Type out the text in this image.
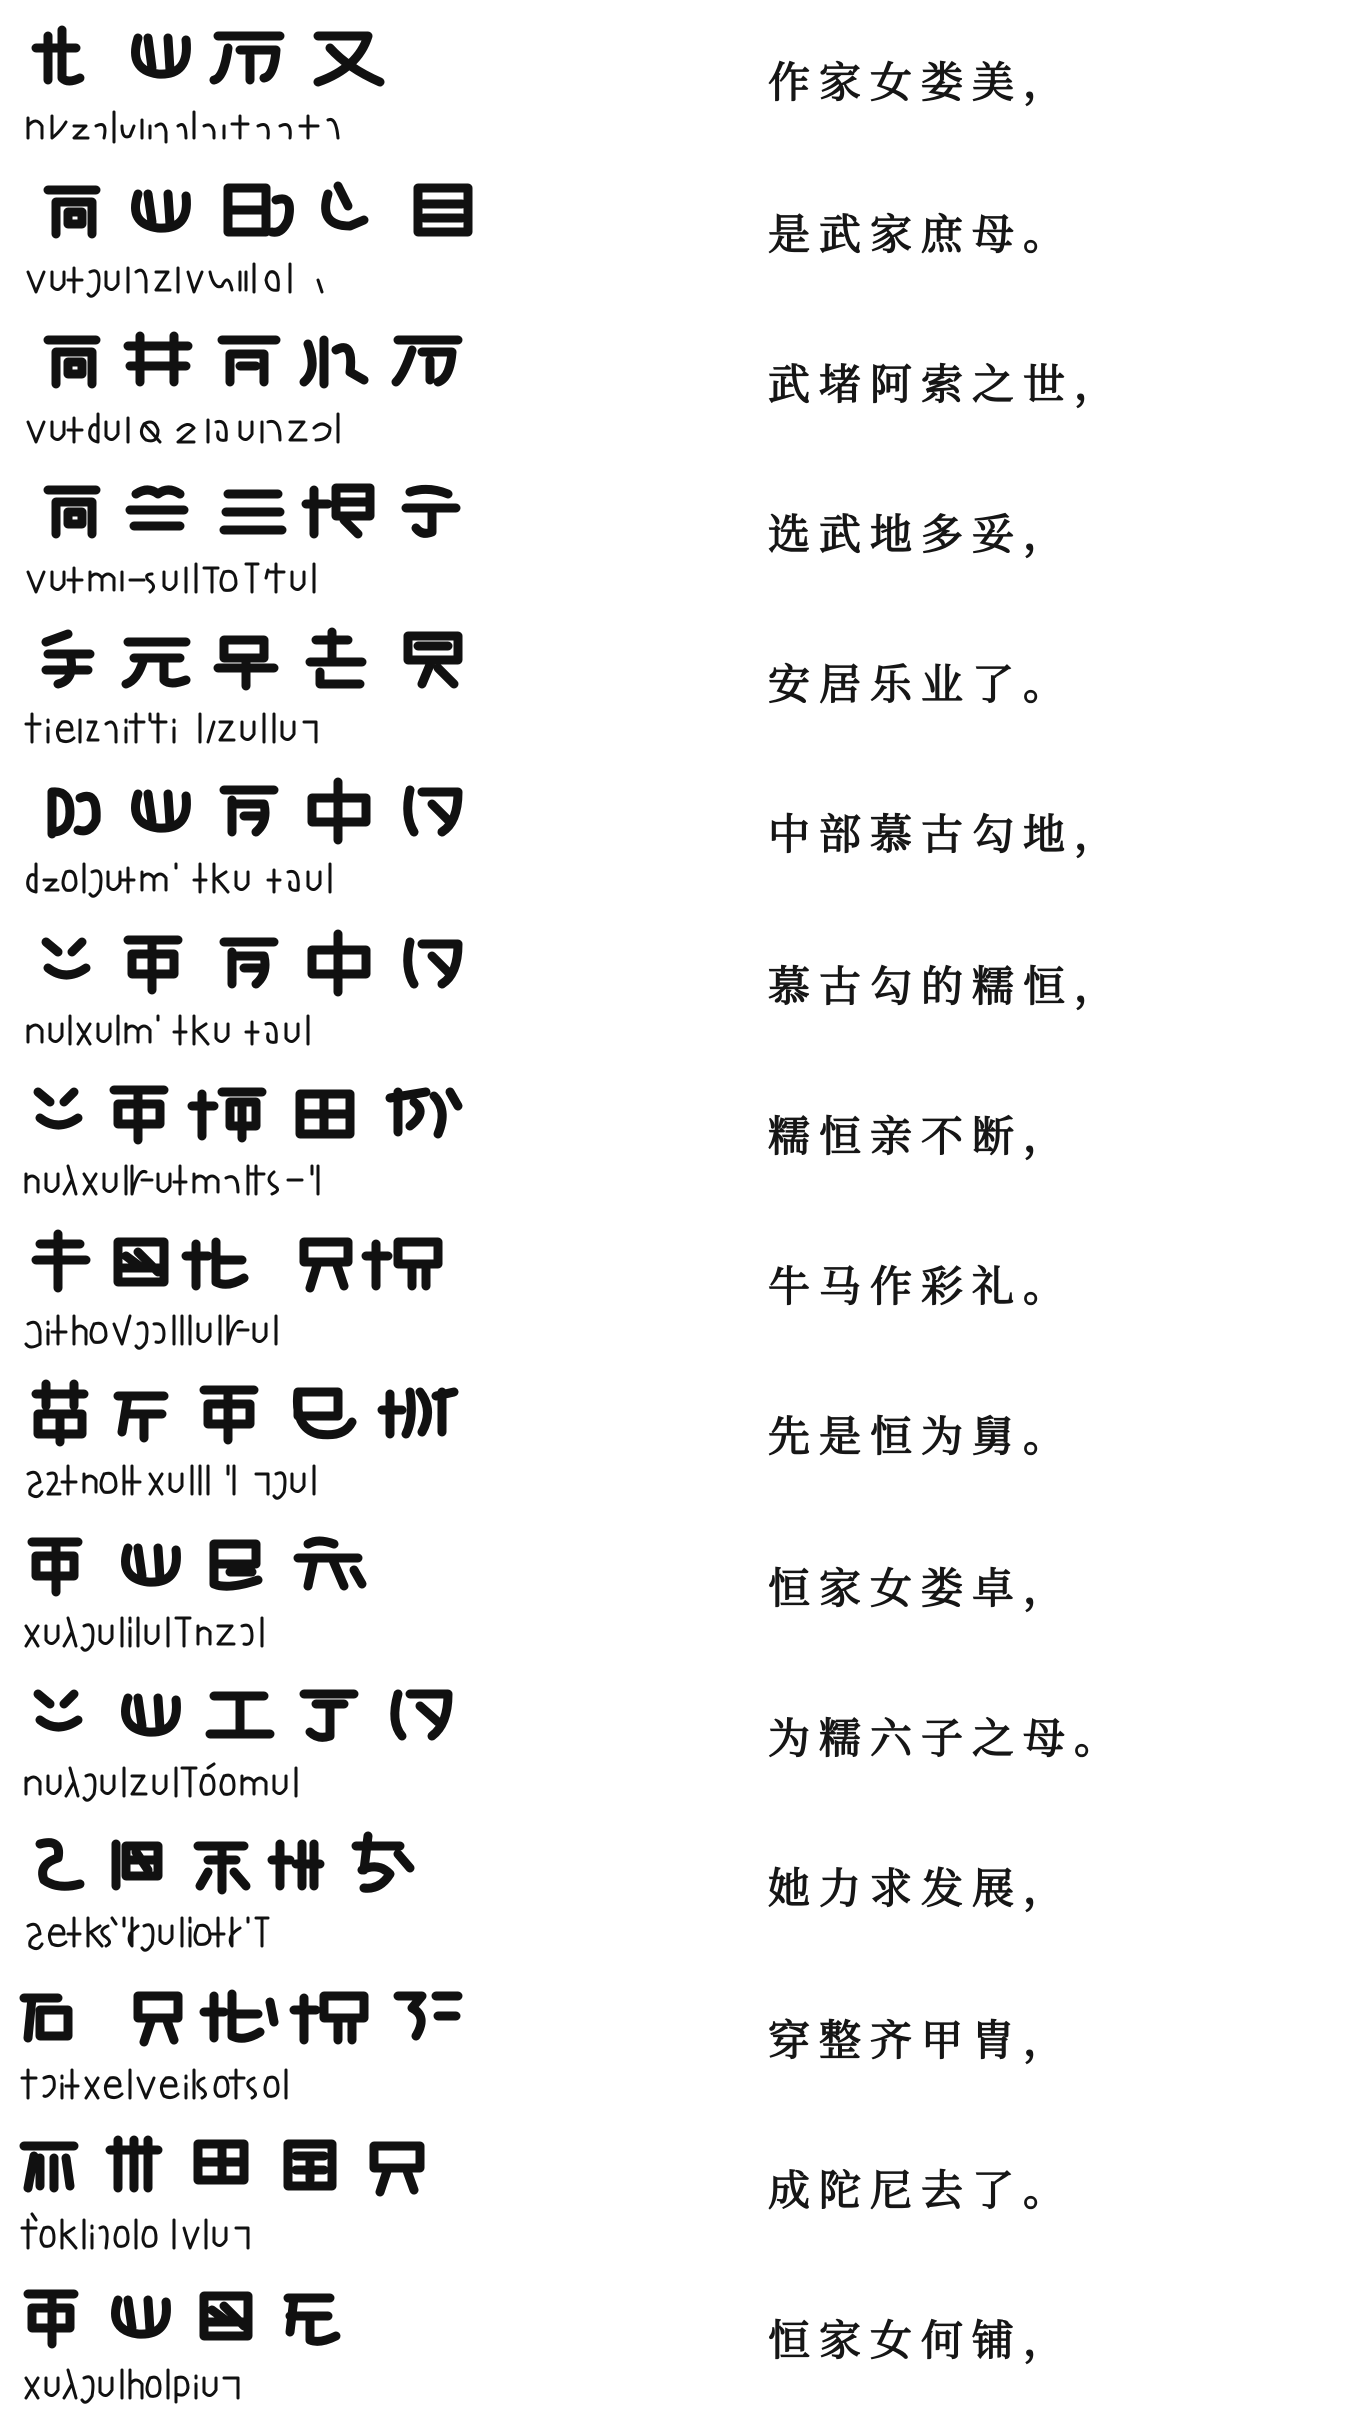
作家女娄美，
是武家庶母。
武堵阿索之世，
选武地多妥，
安居乐业了。
中部慕古勾地，
慕古勾的糯恒，
糯恒亲不断，
牛马作彩礼。
先是恒为舅。
恒家女娄卓，
为糯六子之母。
她力求发展，
穿整齐甲胄，
成陀尼去了。
恒家女何铺，
